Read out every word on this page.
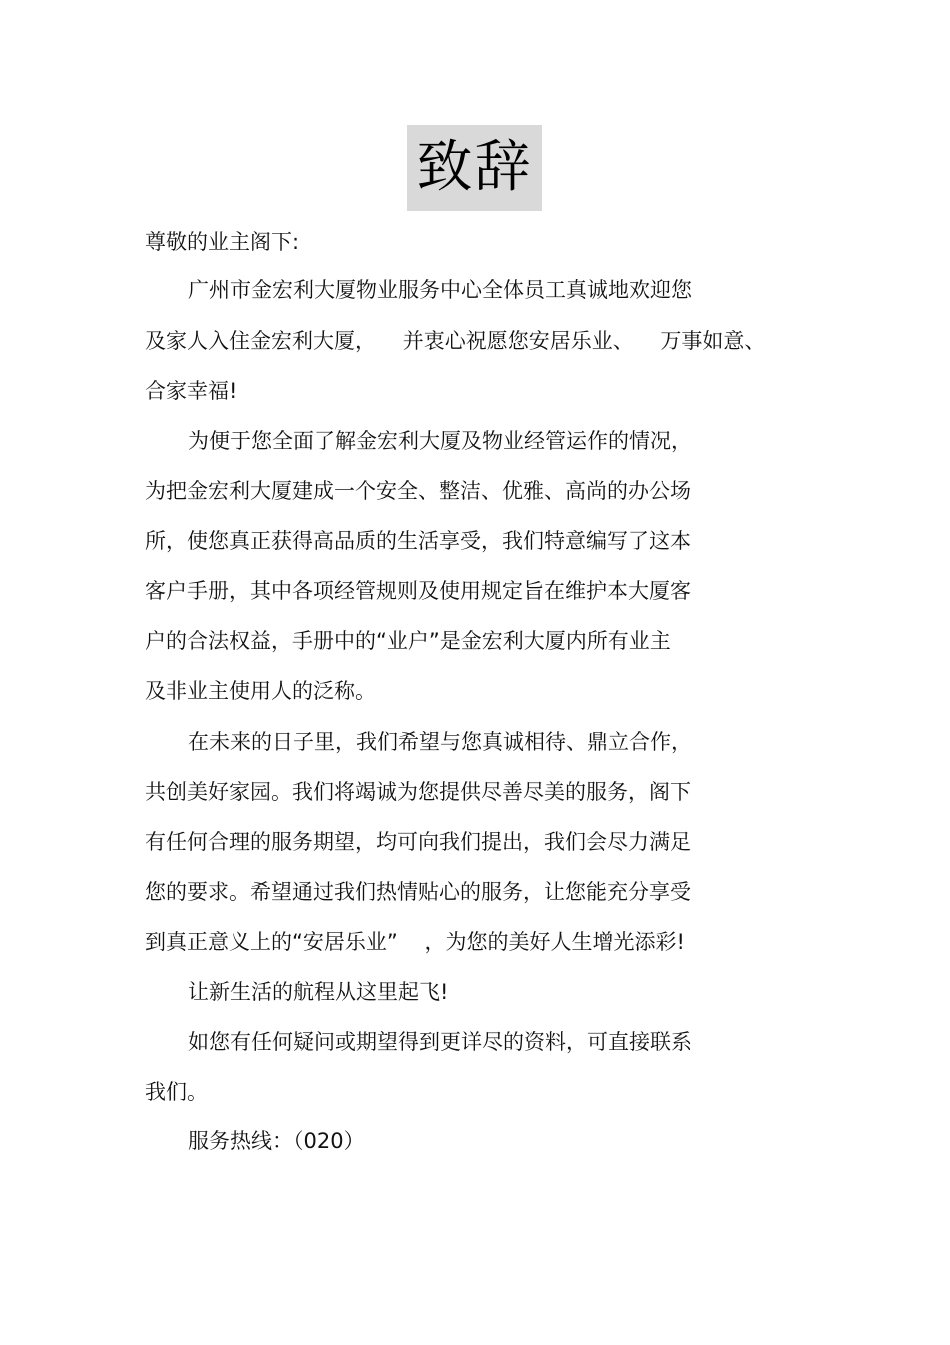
致辞
尊敬的业主阁下:
广州市金宏利大厦物业服务中心全体员工真诚地欢迎您
及家人入住金宏利大厦，    并衷心祝愿您安居乐业、    万事如意、
合家幸福!
为便于您全面了解金宏利大厦及物业经管运作的情况，
为把金宏利大厦建成一个安全、整洁、优雅、高尚的办公场
所，使您真正获得高品质的生活享受，我们特意编写了这本
客户手册，其中各项经管规则及使用规定旨在维护本大厦客
户的合法权益，手册中的“业户”是金宏利大厦内所有业主
及非业主使用人的泛称。
在未来的日子里，我们希望与您真诚相待、鼎立合作，
共创美好家园。我们将竭诚为您提供尽善尽美的服务，阁下
有任何合理的服务期望，均可向我们提出，我们会尽力满足
您的要求。希望通过我们热情贴心的服务，让您能充分享受
到真正意义上的“安居乐业”    ，为您的美好人生增光添彩!
让新生活的航程从这里起飞!
如您有任何疑问或期望得到更详尽的资料，可直接联系
我们。
服务热线：（020）
